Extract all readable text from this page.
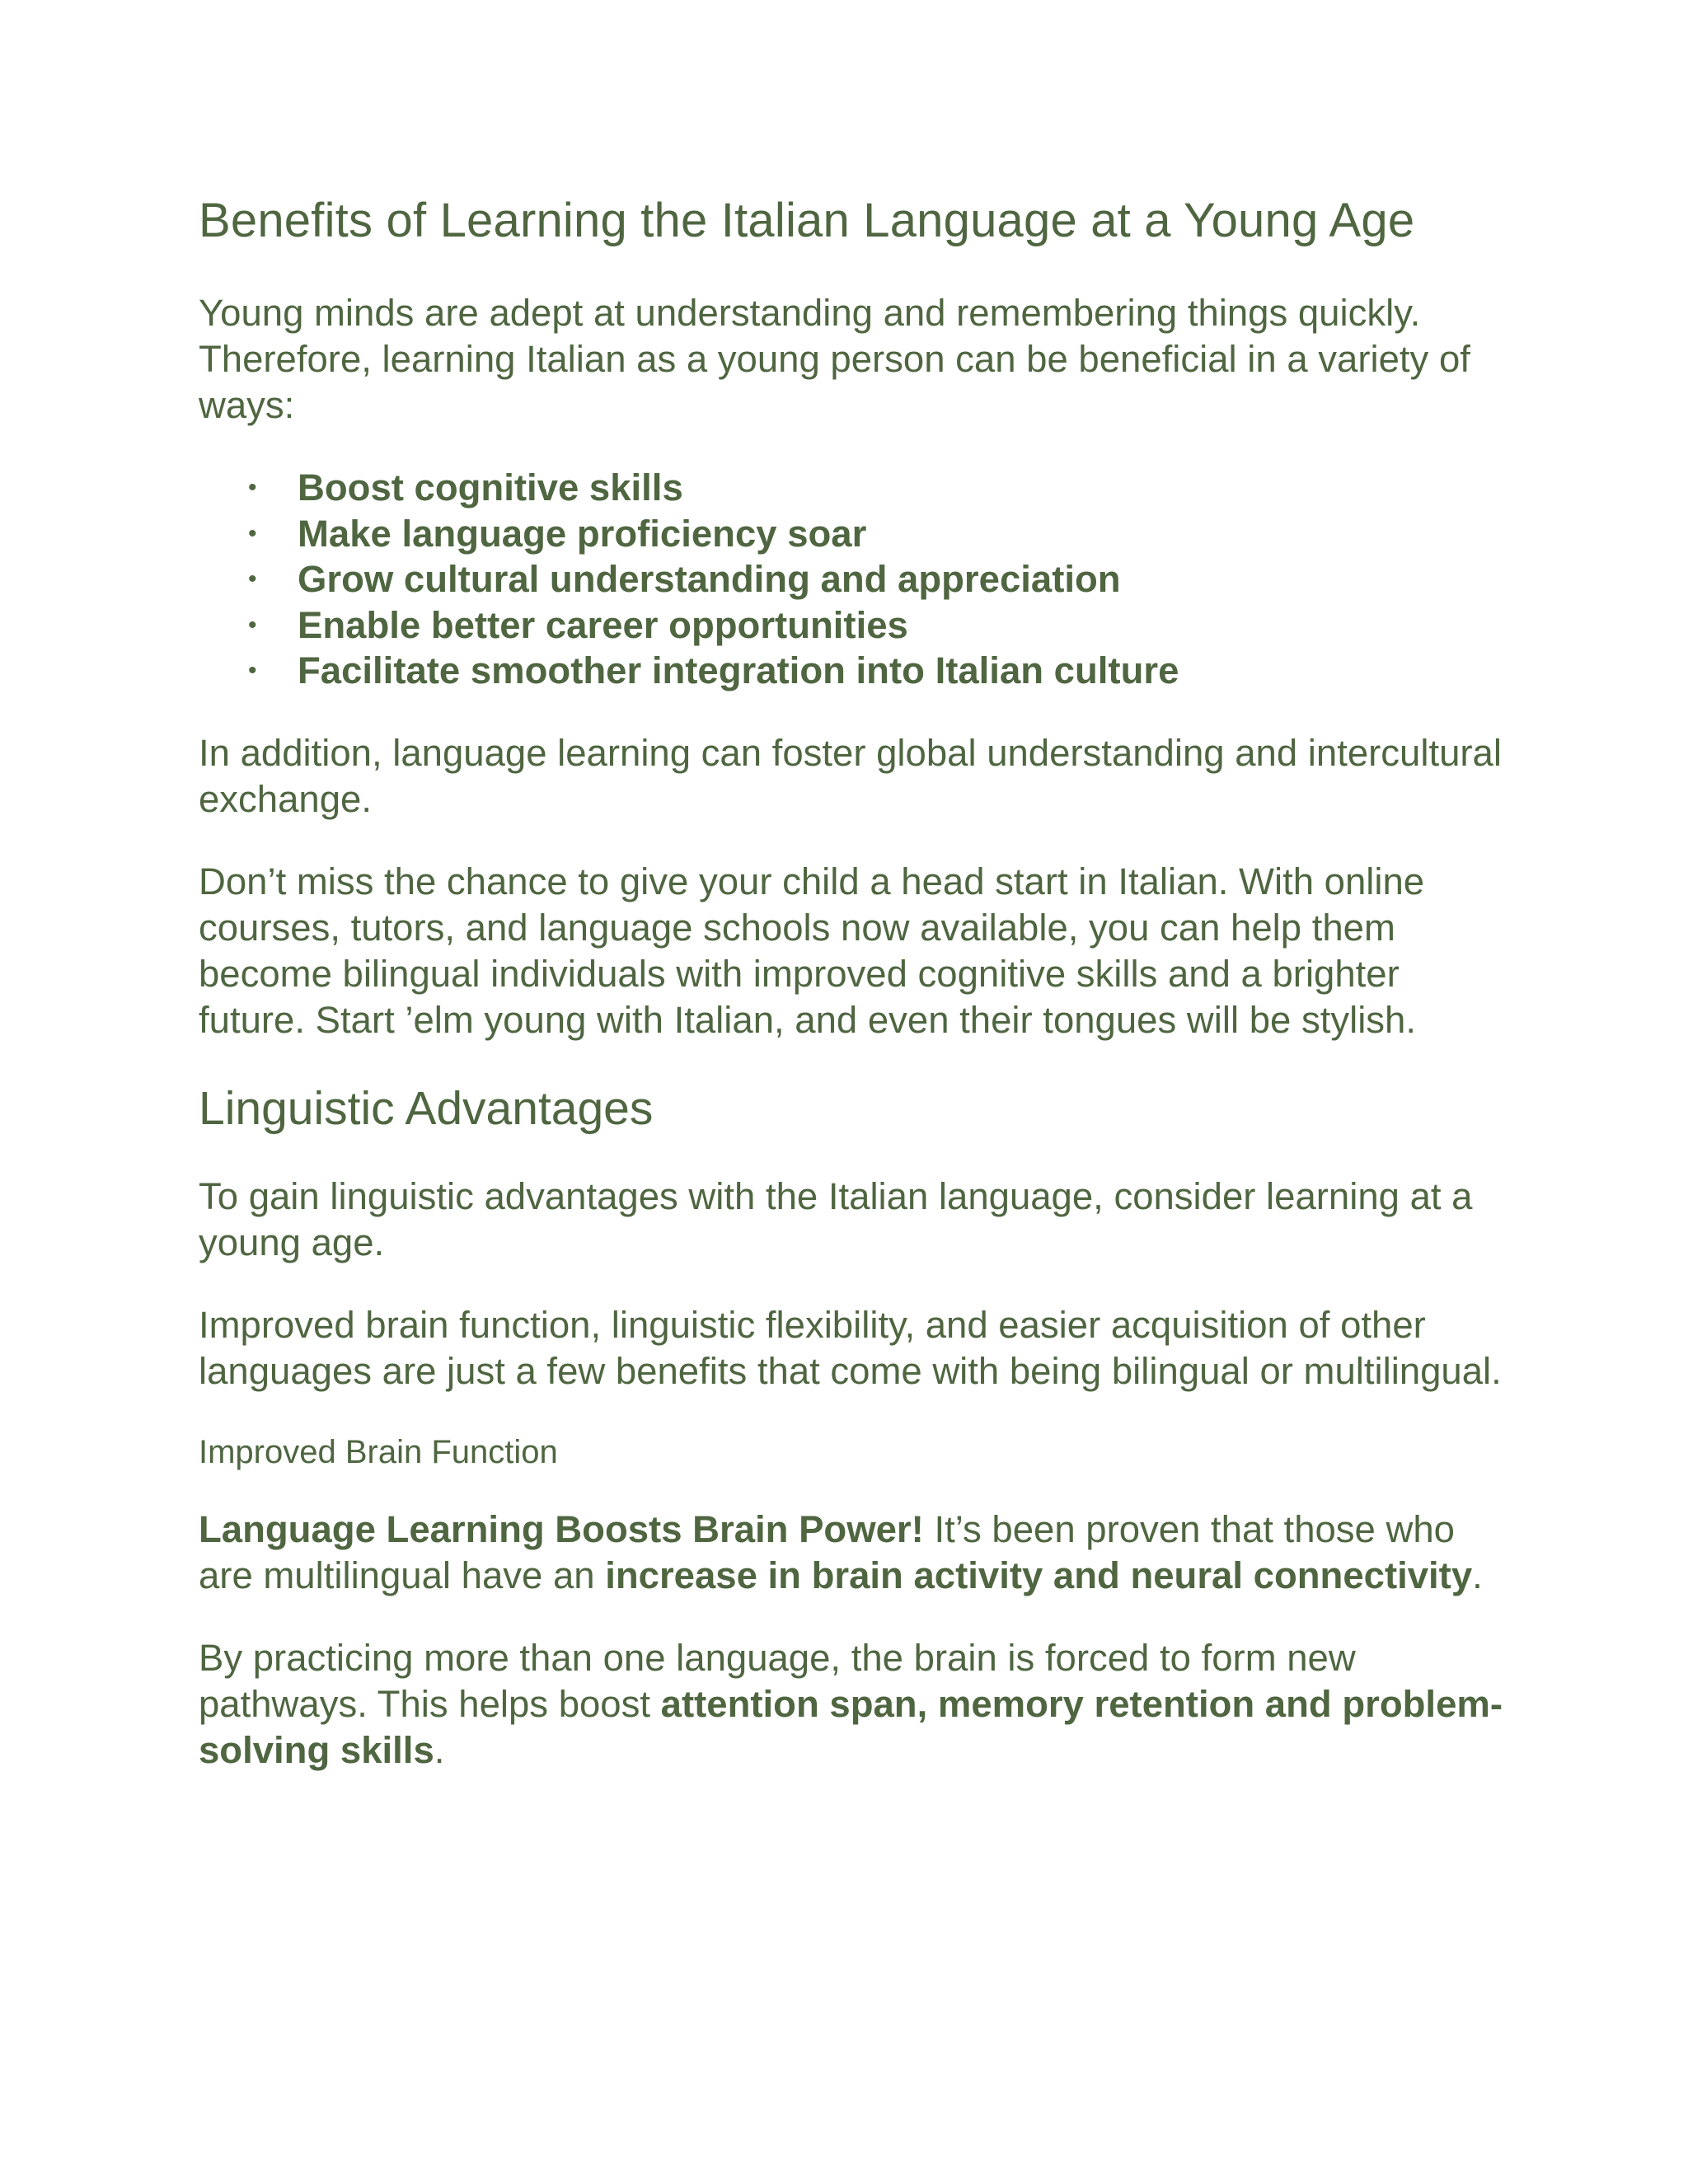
Benefits of Learning the Italian Language at a Young Age

Young minds are adept at understanding and remembering things quickly. Therefore, learning Italian as a young person can be beneficial in a variety of ways:

• Boost cognitive skills
• Make language proficiency soar
• Grow cultural understanding and appreciation
• Enable better career opportunities
• Facilitate smoother integration into Italian culture

In addition, language learning can foster global understanding and intercultural exchange.

Don’t miss the chance to give your child a head start in Italian. With online courses, tutors, and language schools now available, you can help them become bilingual individuals with improved cognitive skills and a brighter future. Start ’elm young with Italian, and even their tongues will be stylish.

Linguistic Advantages

To gain linguistic advantages with the Italian language, consider learning at a young age.

Improved brain function, linguistic flexibility, and easier acquisition of other languages are just a few benefits that come with being bilingual or multilingual.

Improved Brain Function

Language Learning Boosts Brain Power! It’s been proven that those who are multilingual have an increase in brain activity and neural connectivity.

By practicing more than one language, the brain is forced to form new pathways. This helps boost attention span, memory retention and problem-solving skills.
